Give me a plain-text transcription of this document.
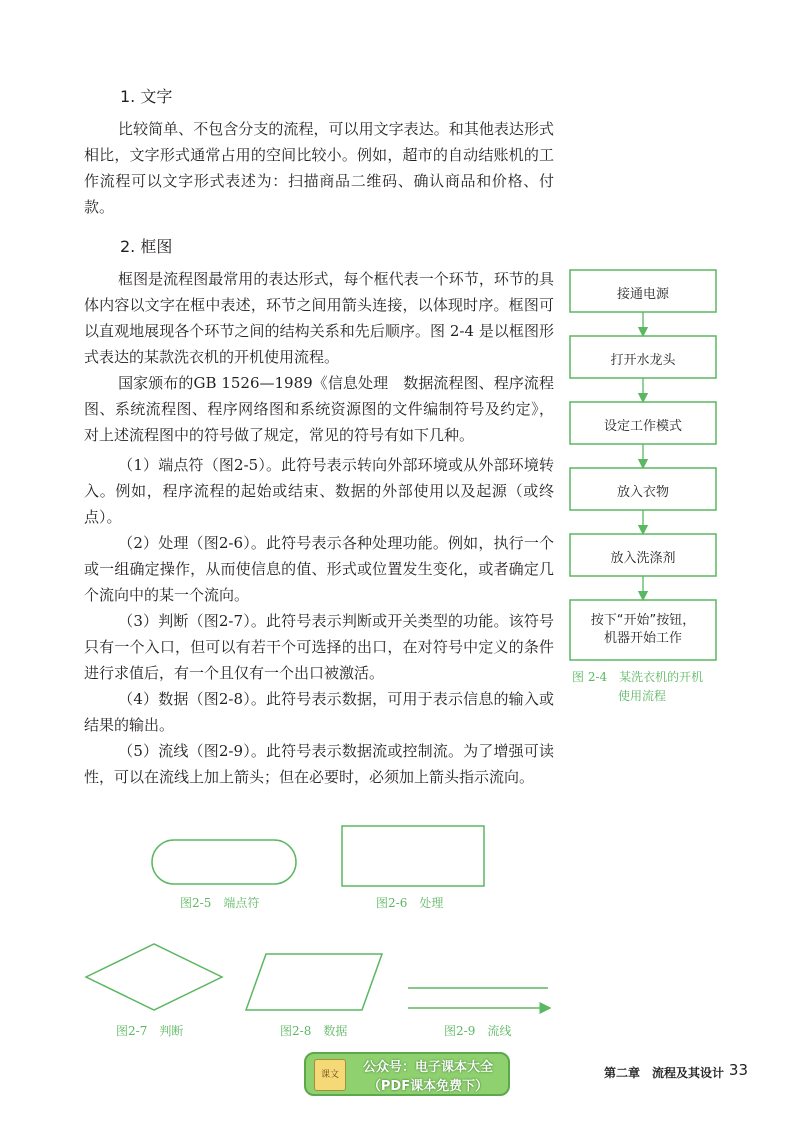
1. 文字

比较简单、不包含分支的流程，可以用文字表达。和其他表达形式相比，文字形式通常占用的空间比较小。例如，超市的自动结账机的工作流程可以文字形式表述为：扫描商品二维码、确认商品和价格、付款。

2. 框图

框图是流程图最常用的表达形式，每个框代表一个环节，环节的具体内容以文字在框中表述，环节之间用箭头连接，以体现时序。框图可以直观地展现各个环节之间的结构关系和先后顺序。图 2-4 是以框图形式表达的某款洗衣机的开机使用流程。

国家颁布的GB 1526—1989《信息处理　数据流程图、程序流程图、系统流程图、程序网络图和系统资源图的文件编制符号及约定》，对上述流程图中的符号做了规定，常见的符号有如下几种。

（1）端点符（图2-5）。此符号表示转向外部环境或从外部环境转入。例如，程序流程的起始或结束、数据的外部使用以及起源（或终点）。

（2）处理（图2-6）。此符号表示各种处理功能。例如，执行一个或一组确定操作，从而使信息的值、形式或位置发生变化，或者确定几个流向中的某一个流向。

（3）判断（图2-7）。此符号表示判断或开关类型的功能。该符号只有一个入口，但可以有若干个可选择的出口，在对符号中定义的条件进行求值后，有一个且仅有一个出口被激活。

（4）数据（图2-8）。此符号表示数据，可用于表示信息的输入或结果的输出。

（5）流线（图2-9）。此符号表示数据流或控制流。为了增强可读性，可以在流线上加上箭头；但在必要时，必须加上箭头指示流向。

接通电源
打开水龙头
设定工作模式
放入衣物
放入洗涤剂
按下“开始”按钮，
机器开始工作
图 2-4　某洗衣机的开机
使用流程
图2-5　端点符	图2-6　处理
图2-7　判断	图2-8　数据	图2-9　流线
课文	公众号：电子课本大全
（PDF课本免费下）
第二章　流程及其设计 33
